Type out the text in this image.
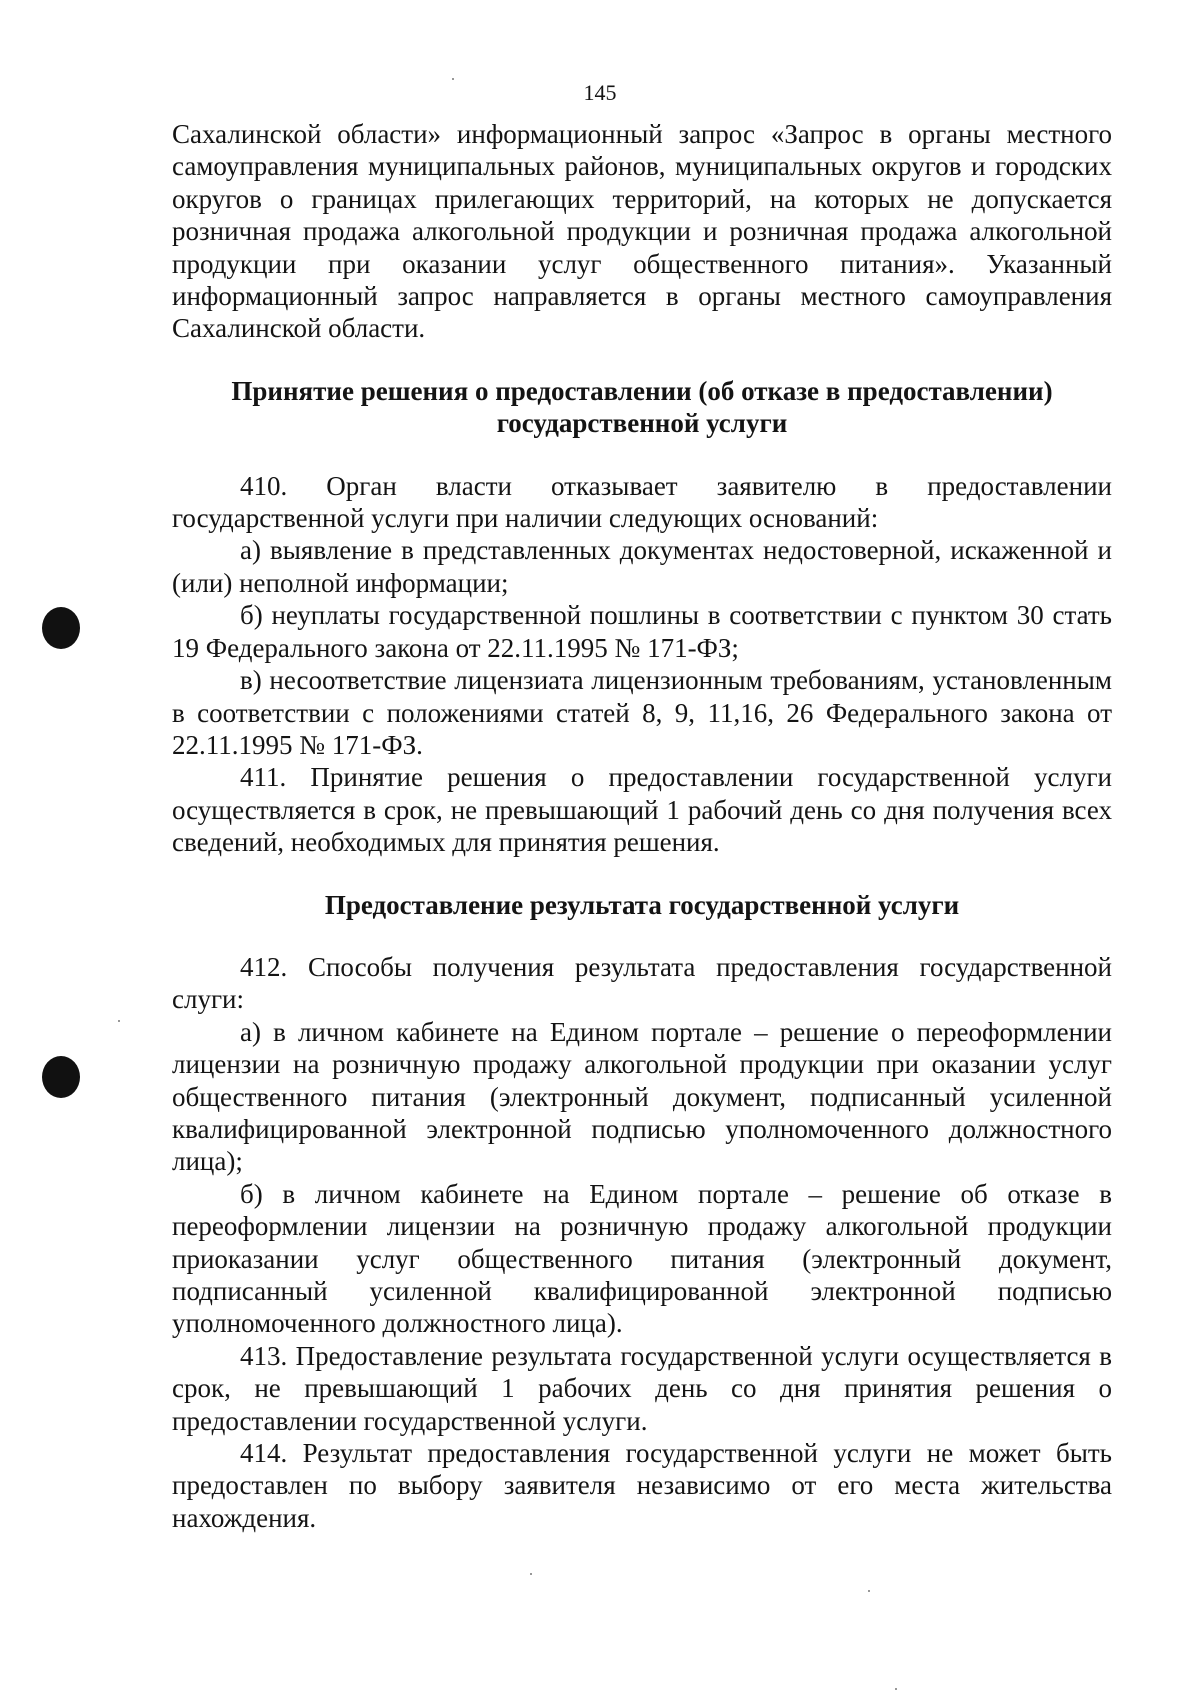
145

Сахалинской области» информационный запрос «Запрос в органы местного самоуправления муниципальных районов, муниципальных округов и городских округов о границах прилегающих территорий, на которых не допускается розничная продажа алкогольной продукции и розничная продажа алкогольной продукции при оказании услуг общественного питания». Указанный информационный запрос направляется в органы местного самоуправления Сахалинской области.

Принятие решения о предоставлении (об отказе в предоставлении)

государственной услуги

410. Орган власти отказывает заявителю в предоставлении государственной услуги при наличии следующих оснований:

а) выявление в представленных документах недостоверной, искаженной и (или) неполной информации;

б) неуплаты государственной пошлины в соответствии с пунктом 30 стать 19 Федерального закона от 22.11.1995 № 171-ФЗ;

в) несоответствие лицензиата лицензионным требованиям, установленным в соответствии с положениями статей 8, 9, 11,16, 26 Федерального закона от 22.11.1995 № 171-ФЗ.

411. Принятие решения о предоставлении государственной услуги осуществляется в срок, не превышающий 1 рабочий день со дня получения всех сведений, необходимых для принятия решения.

Предоставление результата государственной услуги

412. Способы получения результата предоставления государственной слуги:

а) в личном кабинете на Едином портале – решение о переоформлении лицензии на розничную продажу алкогольной продукции при оказании услуг общественного питания (электронный документ, подписанный усиленной квалифицированной электронной подписью уполномоченного должностного лица);

б) в личном кабинете на Едином портале – решение об отказе в переоформлении лицензии на розничную продажу алкогольной продукции приоказании услуг общественного питания (электронный документ, подписанный усиленной квалифицированной электронной подписью уполномоченного должностного лица).

413. Предоставление результата государственной услуги осуществляется в срок, не превышающий 1 рабочих день со дня принятия решения о предоставлении государственной услуги.

414. Результат предоставления государственной услуги не может быть предоставлен по выбору заявителя независимо от его места жительства нахождения.
